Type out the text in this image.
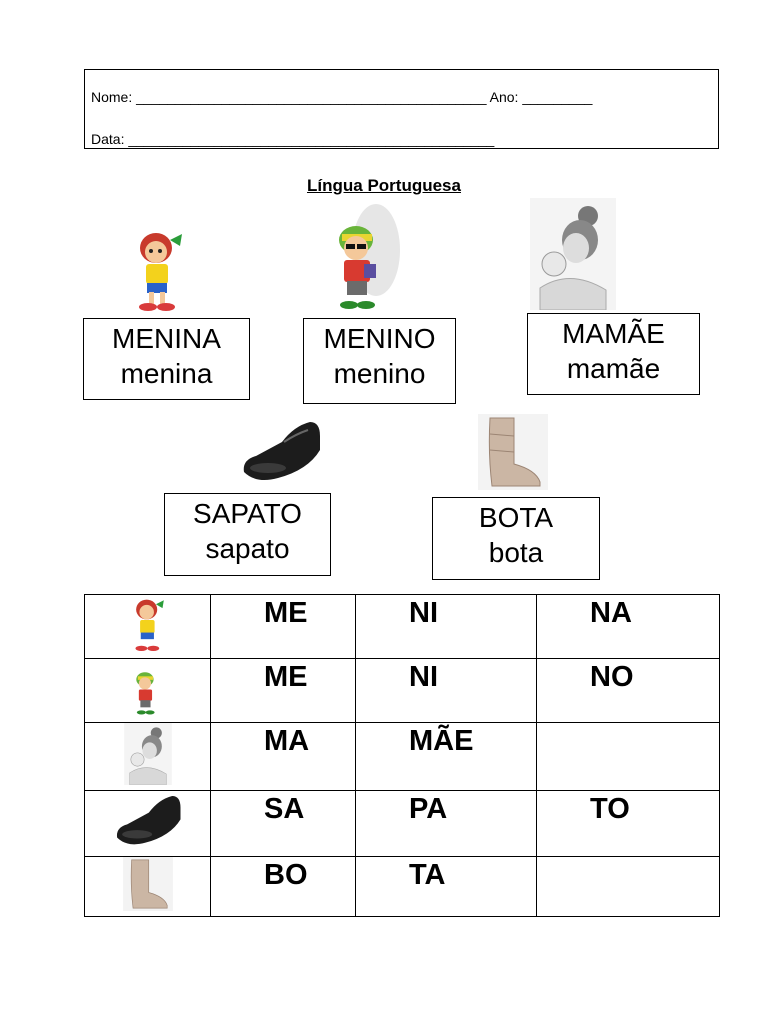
Nome: _____________________________________________ Ano: _________
Data: _______________________________________________
Língua Portuguesa
MENINA
menina
MENINO
menino
MAMÃE
mamãe
SAPATO
sapato
BOTA
bota
	ME	NI	NA
	ME	NI	NO
	MA	MÃE	
	SA	PA	TO
	BO	TA	
